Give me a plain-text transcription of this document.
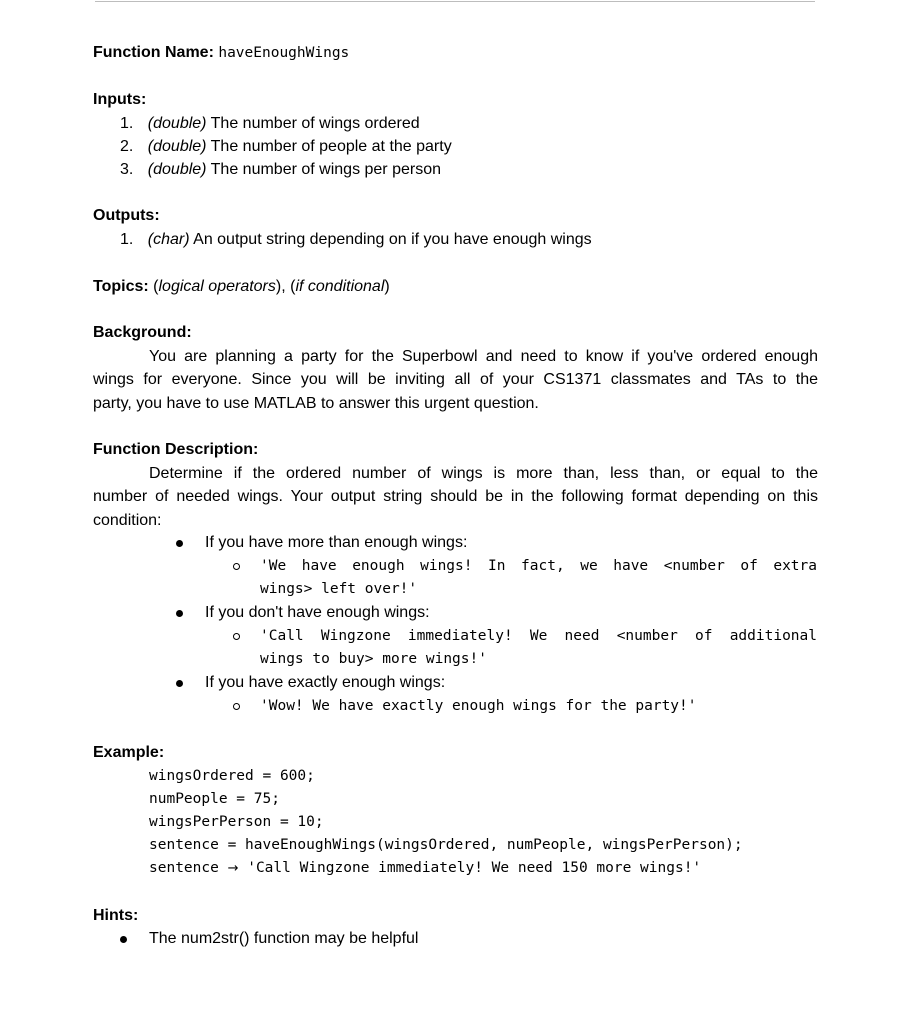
Function Name: haveEnoughWings
Inputs:
1. (double) The number of wings ordered
2. (double) The number of people at the party
3. (double) The number of wings per person
Outputs:
1. (char) An output string depending on if you have enough wings
Topics: (logical operators), (if conditional)
Background:
You are planning a party for the Superbowl and need to know if you've ordered enough
wings for everyone. Since you will be inviting all of your CS1371 classmates and TAs to the
party, you have to use MATLAB to answer this urgent question.
Function Description:
Determine if the ordered number of wings is more than, less than, or equal to the
number of needed wings. Your output string should be in the following format depending on this
condition:
If you have more than enough wings:
'We have enough wings! In fact, we have <number of extra
wings> left over!'
If you don't have enough wings:
'Call Wingzone immediately! We need <number of additional
wings to buy> more wings!'
If you have exactly enough wings:
'Wow! We have exactly enough wings for the party!'
Example:
wingsOrdered = 600;
numPeople = 75;
wingsPerPerson = 10;
sentence = haveEnoughWings(wingsOrdered, numPeople, wingsPerPerson);
sentence → 'Call Wingzone immediately! We need 150 more wings!'
Hints:
The num2str() function may be helpful
